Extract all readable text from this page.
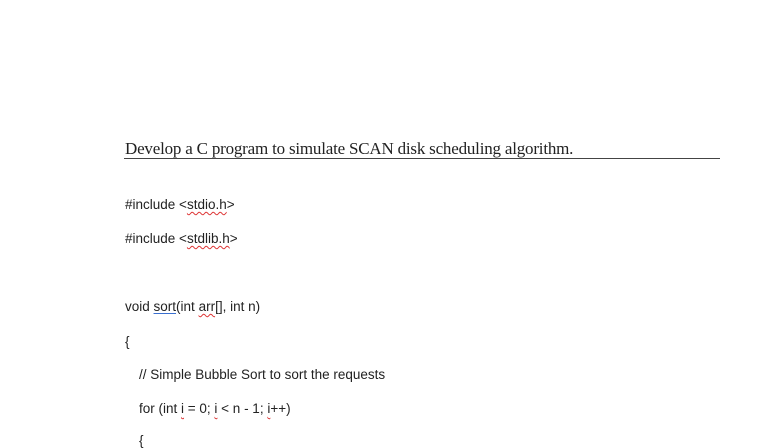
Develop a C program to simulate SCAN disk scheduling algorithm.
#include <stdio.h>
#include <stdlib.h>
void sort(int arr[], int n)
{
// Simple Bubble Sort to sort the requests
for (int i = 0; i < n - 1; i++)
{
